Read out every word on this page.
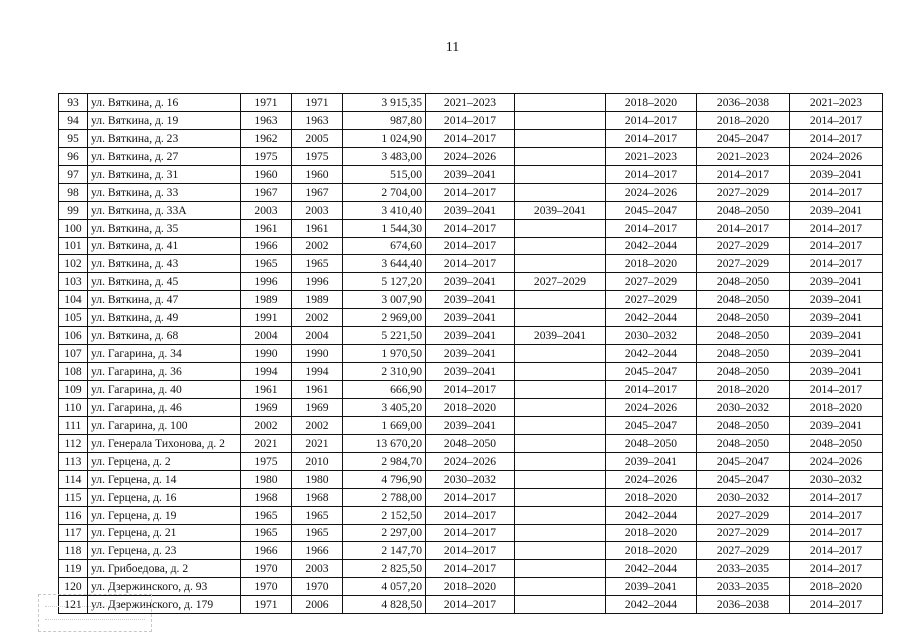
11
93	ул. Вяткина, д. 16	1971	1971	3 915,35	2021–2023		2018–2020	2036–2038	2021–2023
94	ул. Вяткина, д. 19	1963	1963	987,80	2014–2017		2014–2017	2018–2020	2014–2017
95	ул. Вяткина, д. 23	1962	2005	1 024,90	2014–2017		2014–2017	2045–2047	2014–2017
96	ул. Вяткина, д. 27	1975	1975	3 483,00	2024–2026		2021–2023	2021–2023	2024–2026
97	ул. Вяткина, д. 31	1960	1960	515,00	2039–2041		2014–2017	2014–2017	2039–2041
98	ул. Вяткина, д. 33	1967	1967	2 704,00	2014–2017		2024–2026	2027–2029	2014–2017
99	ул. Вяткина, д. 33А	2003	2003	3 410,40	2039–2041	2039–2041	2045–2047	2048–2050	2039–2041
100	ул. Вяткина, д. 35	1961	1961	1 544,30	2014–2017		2014–2017	2014–2017	2014–2017
101	ул. Вяткина, д. 41	1966	2002	674,60	2014–2017		2042–2044	2027–2029	2014–2017
102	ул. Вяткина, д. 43	1965	1965	3 644,40	2014–2017		2018–2020	2027–2029	2014–2017
103	ул. Вяткина, д. 45	1996	1996	5 127,20	2039–2041	2027–2029	2027–2029	2048–2050	2039–2041
104	ул. Вяткина, д. 47	1989	1989	3 007,90	2039–2041		2027–2029	2048–2050	2039–2041
105	ул. Вяткина, д. 49	1991	2002	2 969,00	2039–2041		2042–2044	2048–2050	2039–2041
106	ул. Вяткина, д. 68	2004	2004	5 221,50	2039–2041	2039–2041	2030–2032	2048–2050	2039–2041
107	ул. Гагарина, д. 34	1990	1990	1 970,50	2039–2041		2042–2044	2048–2050	2039–2041
108	ул. Гагарина, д. 36	1994	1994	2 310,90	2039–2041		2045–2047	2048–2050	2039–2041
109	ул. Гагарина, д. 40	1961	1961	666,90	2014–2017		2014–2017	2018–2020	2014–2017
110	ул. Гагарина, д. 46	1969	1969	3 405,20	2018–2020		2024–2026	2030–2032	2018–2020
111	ул. Гагарина, д. 100	2002	2002	1 669,00	2039–2041		2045–2047	2048–2050	2039–2041
112	ул. Генерала Тихонова, д. 2	2021	2021	13 670,20	2048–2050		2048–2050	2048–2050	2048–2050
113	ул. Герцена, д. 2	1975	2010	2 984,70	2024–2026		2039–2041	2045–2047	2024–2026
114	ул. Герцена, д. 14	1980	1980	4 796,90	2030–2032		2024–2026	2045–2047	2030–2032
115	ул. Герцена, д. 16	1968	1968	2 788,00	2014–2017		2018–2020	2030–2032	2014–2017
116	ул. Герцена, д. 19	1965	1965	2 152,50	2014–2017		2042–2044	2027–2029	2014–2017
117	ул. Герцена, д. 21	1965	1965	2 297,00	2014–2017		2018–2020	2027–2029	2014–2017
118	ул. Герцена, д. 23	1966	1966	2 147,70	2014–2017		2018–2020	2027–2029	2014–2017
119	ул. Грибоедова, д. 2	1970	2003	2 825,50	2014–2017		2042–2044	2033–2035	2014–2017
120	ул. Дзержинского, д. 93	1970	1970	4 057,20	2018–2020		2039–2041	2033–2035	2018–2020
121	ул. Дзержинского, д. 179	1971	2006	4 828,50	2014–2017		2042–2044	2036–2038	2014–2017
